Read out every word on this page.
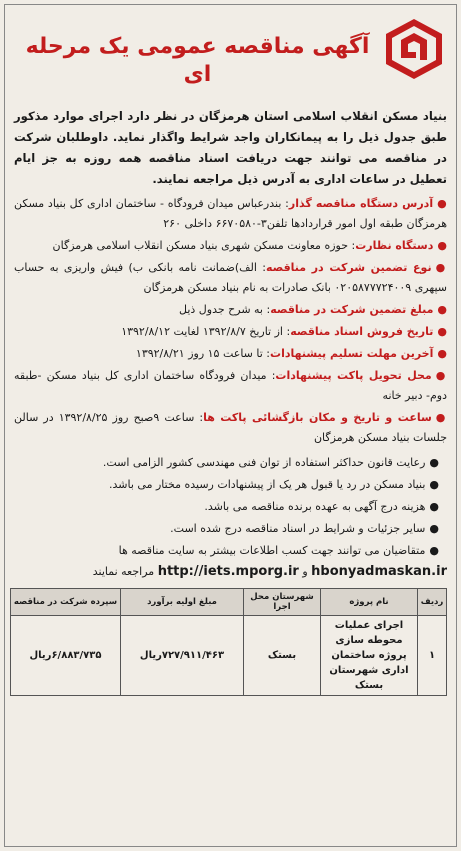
آگهی مناقصه عمومی یک مرحله ای

بنیاد مسکن انقلاب اسلامی استان هرمزگان در نظر دارد اجرای موارد مذکور طبق جدول ذیل را به پیمانکاران واجد شرایط واگذار نماید. داوطلبان شرکت در مناقصه می توانند جهت دریافت اسناد مناقصه همه روزه به جز ایام تعطیل در ساعات اداری به آدرس ذیل مراجعه نمایند.

●آدرس دستگاه مناقصه گذار: بندرعباس میدان فرودگاه - ساختمان اداری کل بنیاد مسکن هرمزگان طبقه اول امور قراردادها تلفن۳-۶۶۷۰۵۸۰ داخلی ۲۶۰
●دستگاه نظارت: حوزه معاونت مسکن شهری بنیاد مسکن انقلاب اسلامی هرمزگان
●نوع تضمین شرکت در مناقصه: الف)ضمانت نامه بانکی ب) فیش واریزی به حساب سپهری ۰۲۰۵۸۷۷۷۲۴۰۰۹ بانک صادرات به نام بنیاد مسکن هرمزگان
●مبلغ تضمین شرکت در مناقصه: به شرح جدول ذیل
●تاریخ فروش اسناد مناقصه: از تاریخ ۱۳۹۲/۸/۷ لغایت ۱۳۹۲/۸/۱۲
●آخرین مهلت تسلیم پیشنهادات: تا ساعت ۱۵ روز ۱۳۹۲/۸/۲۱
●محل تحویل پاکت پیشنهادات: میدان فرودگاه ساختمان اداری کل بنیاد مسکن -طبقه دوم- دبیر خانه
●ساعت و تاریخ و مکان بازگشائی پاکت ها: ساعت ۹صبح روز ۱۳۹۲/۸/۲۵ در سالن جلسات بنیاد مسکن هرمزگان

●رعایت قانون حداکثر استفاده از توان فنی مهندسی کشور الزامی است.

●بنیاد مسکن در رد یا قبول هر یک از پیشنهادات رسیده مختار می باشد.

●هزینه درج آگهی به عهده برنده مناقصه می باشد.

●سایر جزئیات و شرایط در اسناد مناقصه درج شده است.

●متقاضیان می توانند جهت کسب اطلاعات بیشتر به سایت مناقصه ها

hbonyadmaskan.ir و http://iets.mporg.ir مراجعه نمایند
ردیف	نام پروژه	شهرستان محل اجرا	مبلغ اولیه برآورد	سپرده شرکت در مناقصه
۱	اجرای عملیات محوطه سازی پروژه ساختمان اداری شهرستان بستک	بستک	۷۲۷/۹۱۱/۴۶۳ریال	۶/۸۸۳/۷۳۵ریال
